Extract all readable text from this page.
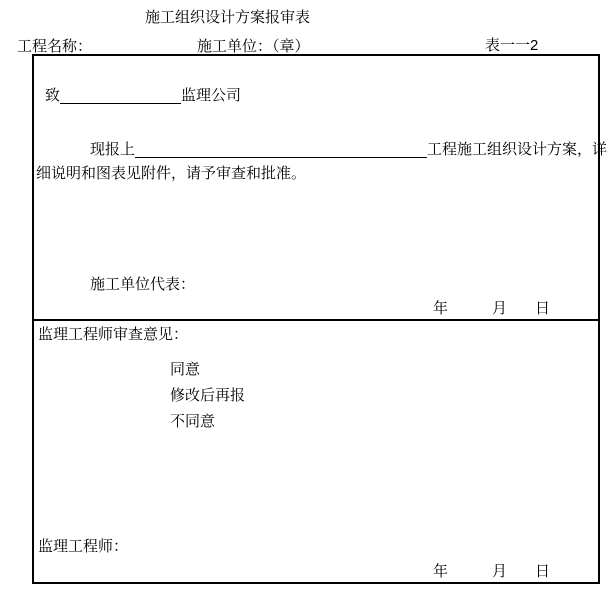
施工组织设计方案报审表
工程名称：	施工单位：（章）	表一一2
致	监理公司
现报上	工程施工组织设计方案，详
细说明和图表见附件，请予审查和批准。
施工单位代表：
年	月 日
监理工程师审查意见：
同意
修改后再报
不同意
监理工程师：
年	月 日
